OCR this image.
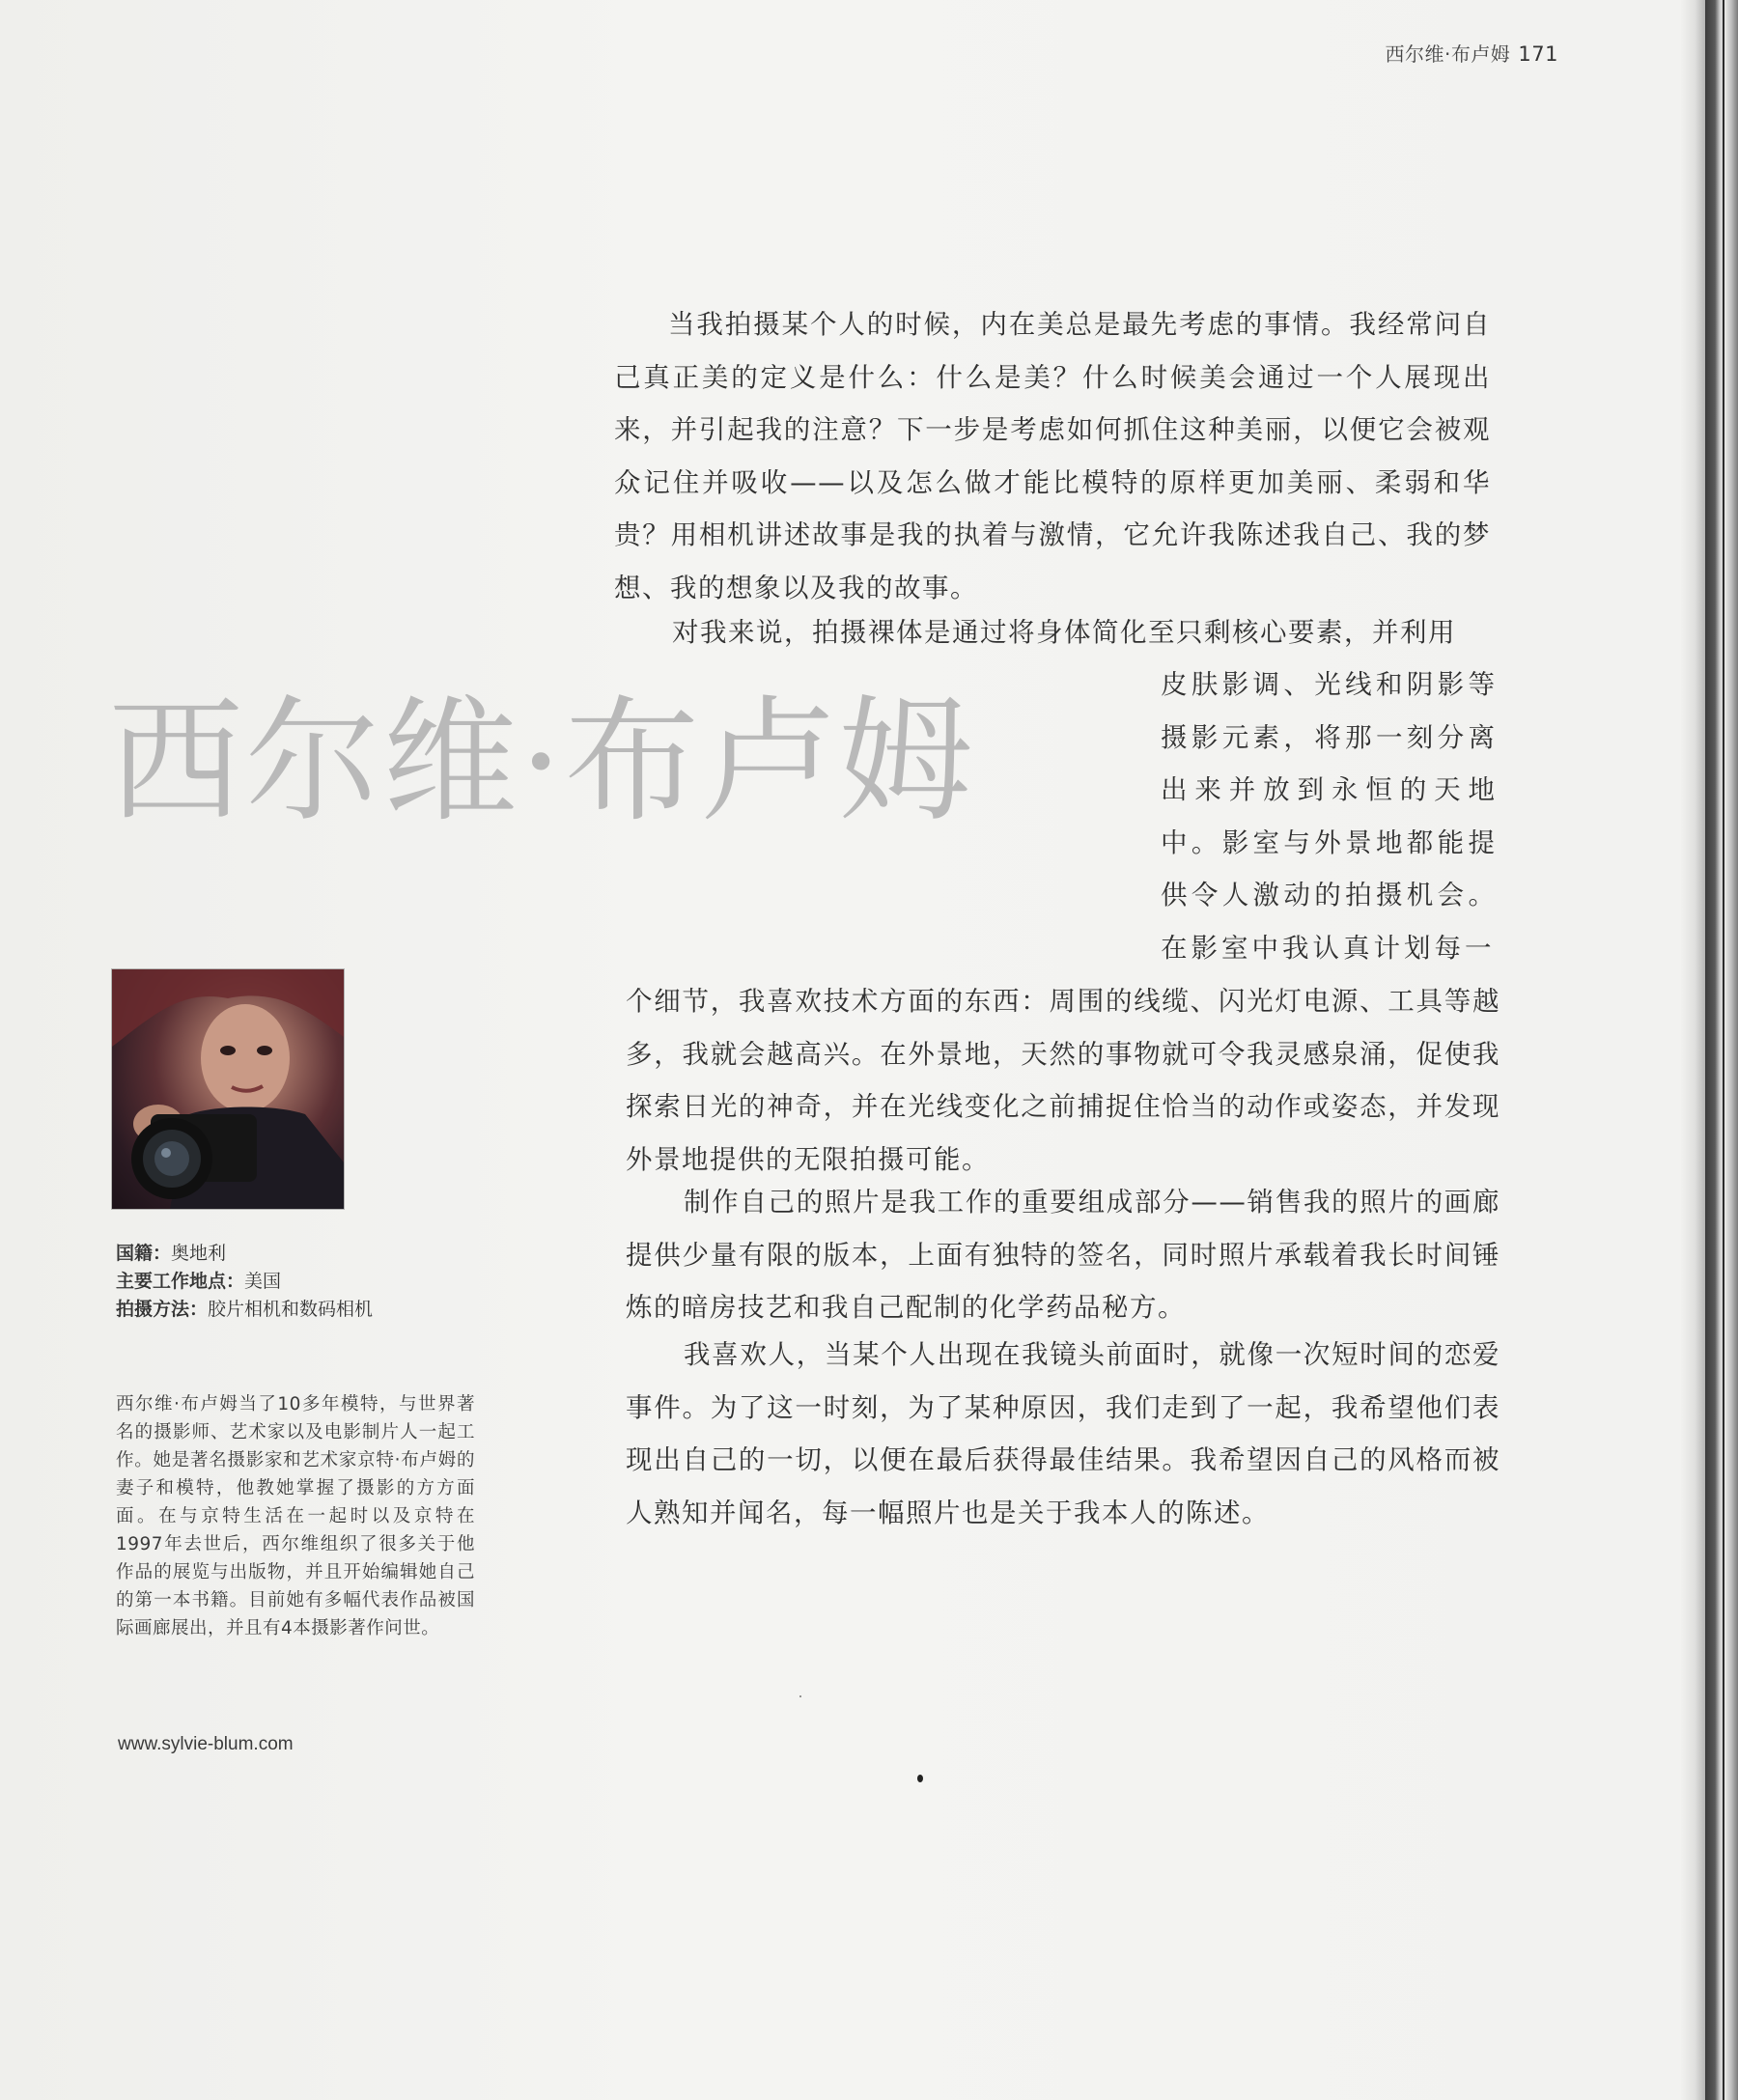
西尔维·布卢姆 171

当我拍摄某个人的时候，内在美总是最先考虑的事情。我经常问自己真正美的定义是什么：什么是美？什么时候美会通过一个人展现出来，并引起我的注意？下一步是考虑如何抓住这种美丽，以便它会被观众记住并吸收——以及怎么做才能比模特的原样更加美丽、柔弱和华贵？用相机讲述故事是我的执着与激情，它允许我陈述我自己、我的梦想、我的想象以及我的故事。

对我来说，拍摄裸体是通过将身体简化至只剩核心要素，并利用

皮肤影调、光线和阴影等摄影元素，将那一刻分离出来并放到永恒的天地中。影室与外景地都能提供令人激动的拍摄机会。在影室中我认真计划每一

个细节，我喜欢技术方面的东西：周围的线缆、闪光灯电源、工具等越多，我就会越高兴。在外景地，天然的事物就可令我灵感泉涌，促使我探索日光的神奇，并在光线变化之前捕捉住恰当的动作或姿态，并发现外景地提供的无限拍摄可能。

制作自己的照片是我工作的重要组成部分——销售我的照片的画廊提供少量有限的版本，上面有独特的签名，同时照片承载着我长时间锤炼的暗房技艺和我自己配制的化学药品秘方。

我喜欢人，当某个人出现在我镜头前面时，就像一次短时间的恋爱事件。为了这一时刻，为了某种原因，我们走到了一起，我希望他们表现出自己的一切，以便在最后获得最佳结果。我希望因自己的风格而被人熟知并闻名，每一幅照片也是关于我本人的陈述。

西尔维·布卢姆
国籍：奥地利
主要工作地点：美国
拍摄方法：胶片相机和数码相机
西尔维·布卢姆当了10多年模特，与世界著名的摄影师、艺术家以及电影制片人一起工作。她是著名摄影家和艺术家京特·布卢姆的妻子和模特，他教她掌握了摄影的方方面面。在与京特生活在一起时以及京特在1997年去世后，西尔维组织了很多关于他作品的展览与出版物，并且开始编辑她自己的第一本书籍。目前她有多幅代表作品被国际画廊展出，并且有4本摄影著作问世。
www.sylvie-blum.com
